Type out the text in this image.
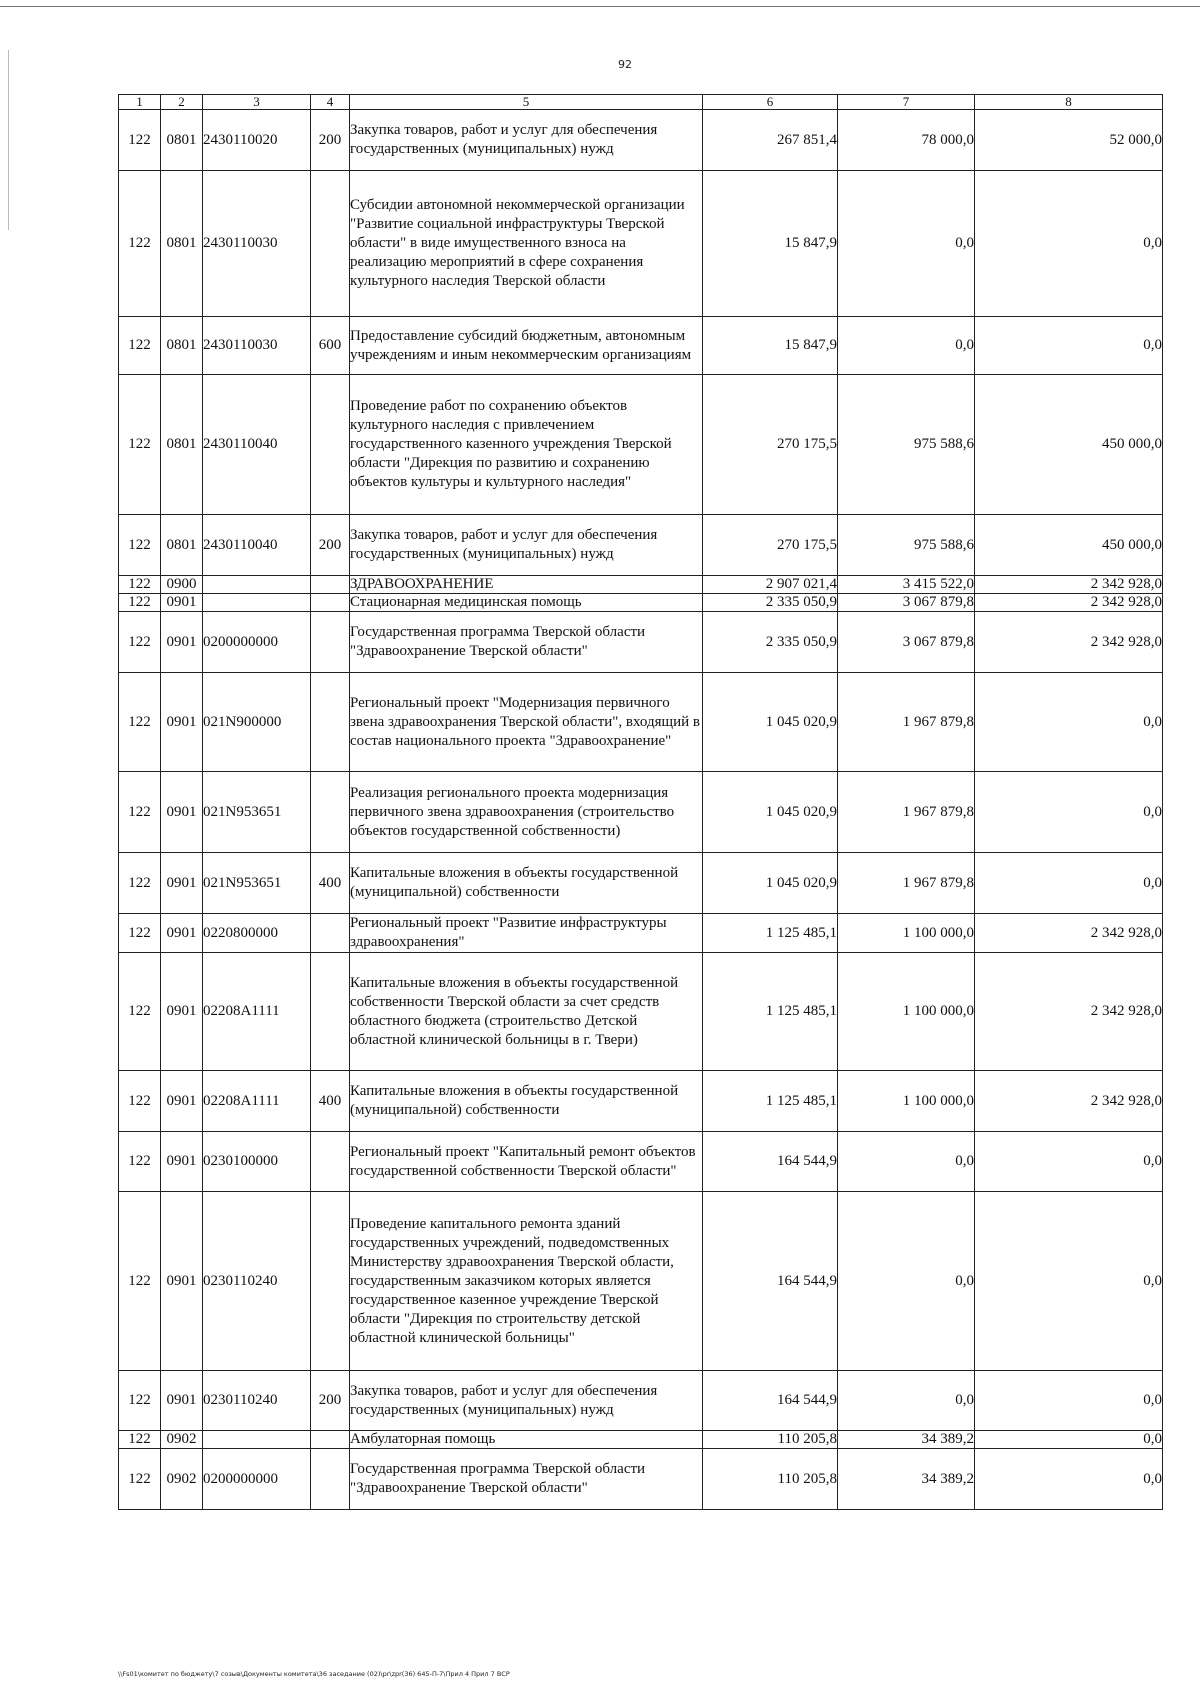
92
1	2	3	4	5	6	7	8
122	0801	2430110020	200	Закупка товаров, работ и услуг для обеспечения государственных (муниципальных) нужд	267 851,4	78 000,0	52 000,0
122	0801	2430110030		Субсидии автономной некоммерческой организации "Развитие социальной инфраструктуры Тверской области" в виде имущественного взноса на реализацию мероприятий в сфере сохранения культурного наследия Тверской области	15 847,9	0,0	0,0
122	0801	2430110030	600	Предоставление субсидий бюджетным, автономным учреждениям и иным некоммерческим организациям	15 847,9	0,0	0,0
122	0801	2430110040		Проведение работ по сохранению объектов культурного наследия с привлечением государственного казенного учреждения Тверской области "Дирекция по развитию и сохранению объектов культуры и культурного наследия"	270 175,5	975 588,6	450 000,0
122	0801	2430110040	200	Закупка товаров, работ и услуг для обеспечения государственных (муниципальных) нужд	270 175,5	975 588,6	450 000,0
122	0900			ЗДРАВООХРАНЕНИЕ	2 907 021,4	3 415 522,0	2 342 928,0
122	0901			Стационарная медицинская помощь	2 335 050,9	3 067 879,8	2 342 928,0
122	0901	0200000000		Государственная программа Тверской области "Здравоохранение Тверской области"	2 335 050,9	3 067 879,8	2 342 928,0
122	0901	021N900000		Региональный проект "Модернизация первичного звена здравоохранения Тверской области", входящий в состав национального проекта "Здравоохранение"	1 045 020,9	1 967 879,8	0,0
122	0901	021N953651		Реализация регионального проекта модернизация первичного звена здравоохранения (строительство объектов государственной собственности)	1 045 020,9	1 967 879,8	0,0
122	0901	021N953651	400	Капитальные вложения в объекты государственной (муниципальной) собственности	1 045 020,9	1 967 879,8	0,0
122	0901	0220800000		Региональный проект "Развитие инфраструктуры здравоохранения"	1 125 485,1	1 100 000,0	2 342 928,0
122	0901	02208A1111		Капитальные вложения в объекты государственной собственности Тверской области за счет средств областного бюджета (строительство Детской областной клинической больницы в г. Твери)	1 125 485,1	1 100 000,0	2 342 928,0
122	0901	02208A1111	400	Капитальные вложения в объекты государственной (муниципальной) собственности	1 125 485,1	1 100 000,0	2 342 928,0
122	0901	0230100000		Региональный проект "Капитальный ремонт объектов государственной собственности Тверской области"	164 544,9	0,0	0,0
122	0901	0230110240		Проведение капитального ремонта зданий государственных учреждений, подведомственных Министерству здравоохранения Тверской области, государственным заказчиком которых является государственное казенное учреждение Тверской области "Дирекция по строительству детской областной клинической больницы"	164 544,9	0,0	0,0
122	0901	0230110240	200	Закупка товаров, работ и услуг для обеспечения государственных (муниципальных) нужд	164 544,9	0,0	0,0
122	0902			Амбулаторная помощь	110 205,8	34 389,2	0,0
122	0902	0200000000		Государственная программа Тверской области "Здравоохранение Тверской области"	110 205,8	34 389,2	0,0
\\Fs01\комитет по бюджету\7 созыв\Документы комитета\36 заседание (02)\pr\zpr(36) 645-П-7\Прил 4 Прил 7 ВСР
